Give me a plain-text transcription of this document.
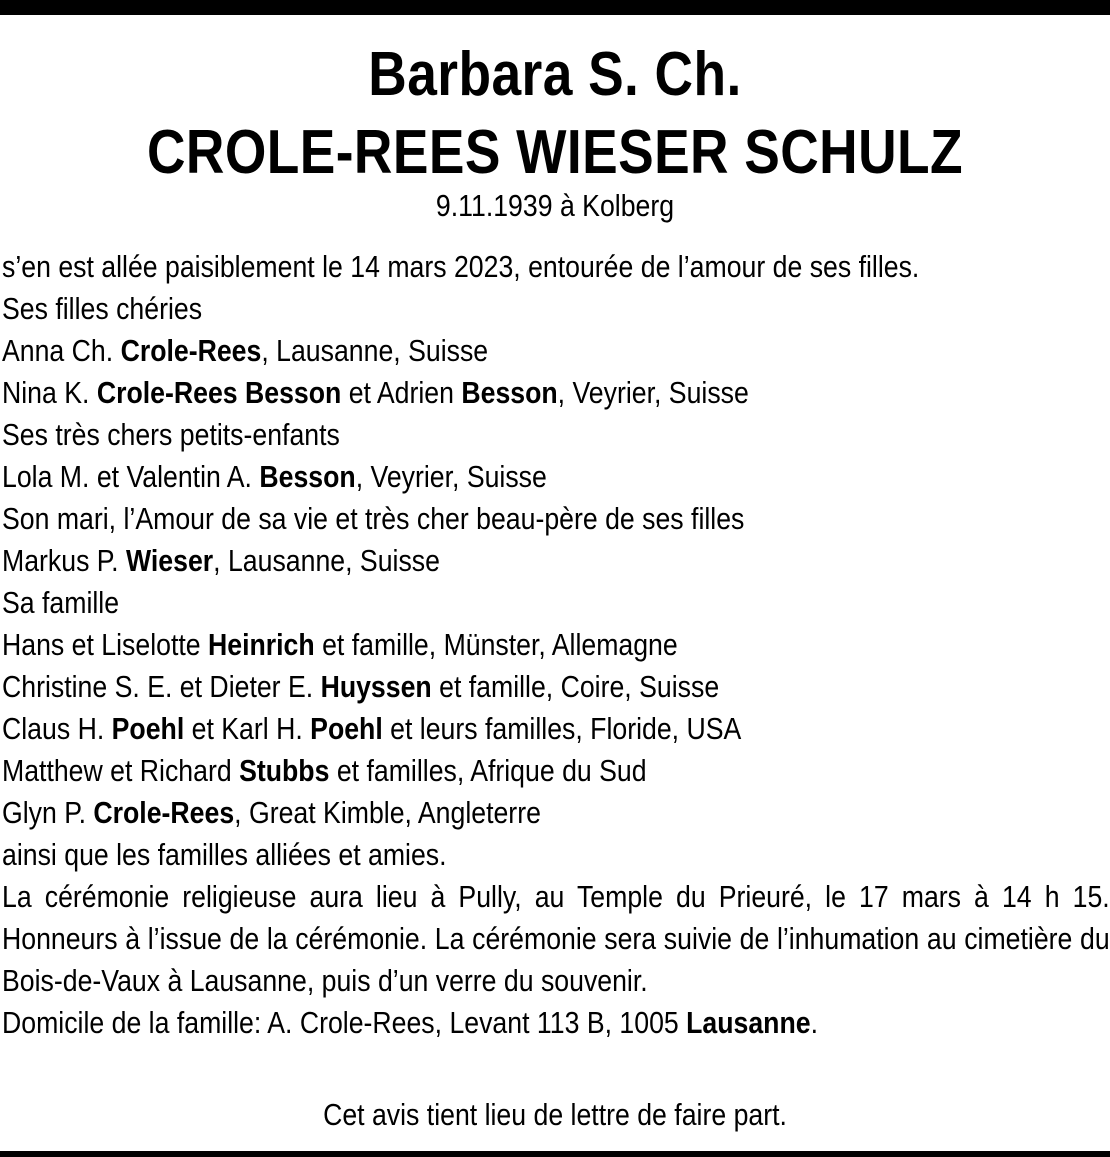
Barbara S. Ch.
CROLE-REES WIESER SCHULZ
9.11.1939 à Kolberg
s’en est allée paisiblement le 14 mars 2023, entourée de l’amour de ses filles.
Ses filles chéries
Anna Ch. Crole-Rees, Lausanne, Suisse
Nina K. Crole-Rees Besson et Adrien Besson, Veyrier, Suisse
Ses très chers petits-enfants
Lola M. et Valentin A. Besson, Veyrier, Suisse
Son mari, l’Amour de sa vie et très cher beau-père de ses filles
Markus P. Wieser, Lausanne, Suisse
Sa famille
Hans et Liselotte Heinrich et famille, Münster, Allemagne
Christine S. E. et Dieter E. Huyssen et famille, Coire, Suisse
Claus H. Poehl et Karl H. Poehl et leurs familles, Floride, USA
Matthew et Richard Stubbs et familles, Afrique du Sud
Glyn P. Crole-Rees, Great Kimble, Angleterre
ainsi que les familles alliées et amies.
La cérémonie religieuse aura lieu à Pully, au Temple du Prieuré, le 17 mars à 14 h 15. Honneurs à l’issue de la cérémonie. La cérémonie sera suivie de l’inhumation au cimetière du Bois-de-Vaux à Lausanne, puis d’un verre du souvenir.
Domicile de la famille: A. Crole-Rees, Levant 113 B, 1005 Lausanne.
Cet avis tient lieu de lettre de faire part.
